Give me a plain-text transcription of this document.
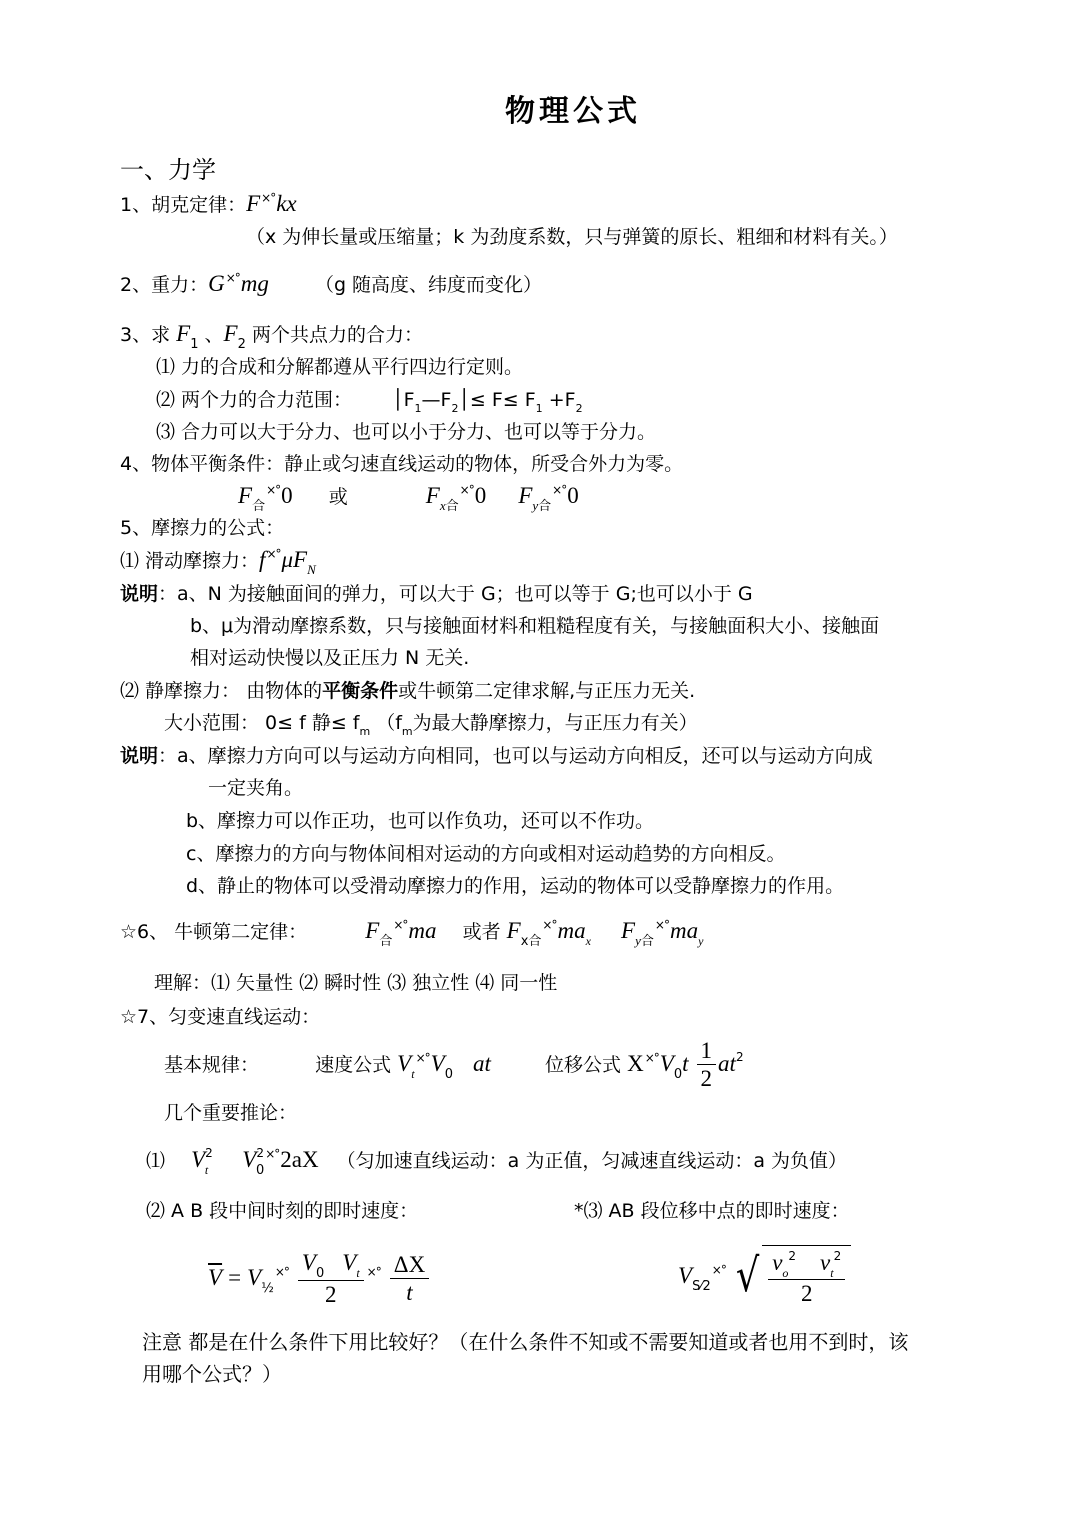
物理公式
一、力学
1、胡克定律：F×°kx
（x 为伸长量或压缩量；k 为劲度系数，只与弹簧的原长、粗细和材料有关。）
2、重力：G×°mg （g 随高度、纬度而变化）
3、求 $F_1$ 、$F_2$ 两个共点力的合力：
⑴ 力的合成和分解都遵从平行四边行定则。
⑵ 两个力的合力范围： $│F_1—F_2│\le F\le F_1 +F_2$
⑶ 合力可以大于分力、也可以小于分力、也可以等于分力。
4、物体平衡条件：静止或匀速直线运动的物体，所受合外力为零。
$F_合^{\times^\circ}0$ 或	$F_{x合}^{\times^\circ}0$ $F_{y合}^{\times^\circ}0$
5、摩擦力的公式：
⑴ 滑动摩擦力：$f^{\times^\circ}\mu F_N$
说明：a、N 为接触面间的弹力，可以大于 G；也可以等于 G;也可以小于 G
b、μ为滑动摩擦系数，只与接触面材料和粗糙程度有关，与接触面积大小、接触面
相对运动快慢以及正压力 N 无关.
⑵ 静摩擦力： 由物体的平衡条件或牛顿第二定律求解,与正压力无关.
大小范围： 0≤ f 静≤ $f_m$ （$f_m$为最大静摩擦力，与正压力有关）
说明：a、摩擦力方向可以与运动方向相同，也可以与运动方向相反，还可以与运动方向成
一定夹角。
b、摩擦力可以作正功，也可以作负功，还可以不作功。
c、摩擦力的方向与物体间相对运动的方向或相对运动趋势的方向相反。
d、静止的物体可以受滑动摩擦力的作用，运动的物体可以受静摩擦力的作用。
☆6、 牛顿第二定律：	$F_合^{\times^\circ}ma$ 或者 $F_{x合}^{\times^\circ}ma_x$ $F_{y合}^{\times^\circ}ma_y$
理解：⑴ 矢量性 ⑵ 瞬时性 ⑶ 独立性 ⑷ 同一性
☆7、匀变速直线运动：
基本规律：	速度公式 $V_t^{\times^\circ}V_0$ at	位移公式 $X^{\times^\circ}V_0t \frac{1}{2} at^2$
几个重要推论：
⑴ $V^2_t$ $V^2_0^{\times^\circ}2aX$ （匀加速直线运动：a 为正值，匀减速直线运动：a 为负值）
⑵ A B 段中间时刻的即时速度：	*⑶ AB 段位移中点的即时速度：
$\overline{V} = V_{\frac{1}{2}}^{\times^\circ} \frac{V_0 V_t}{2} ^{\times^\circ} \frac{\Delta X}{t}$	$V_{S⁄2}^{\times^\circ}$ √ $\frac{v_o^2 v_t^2}{2}$
注意 都是在什么条件下用比较好？（在什么条件不知或不需要知道或者也用不到时，该
用哪个公式？）
